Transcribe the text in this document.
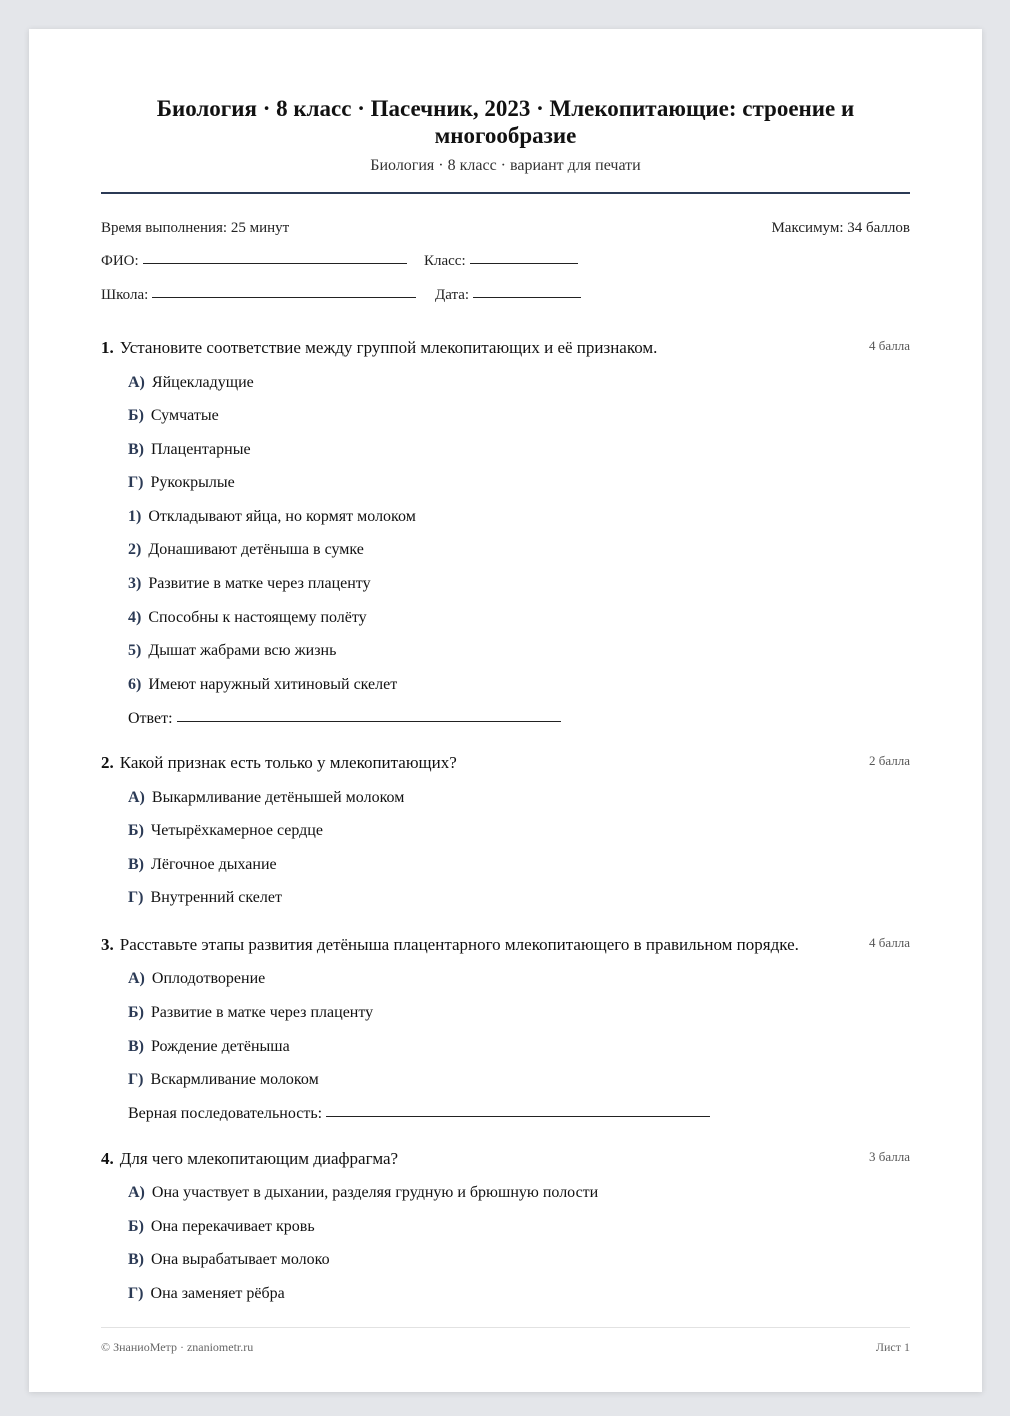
Биология · 8 класс · Пасечник, 2023 · Млекопитающие: строение и многообразие
Биология · 8 класс · вариант для печати
Время выполнения: 25 минут	Максимум: 34 баллов
ФИО:	Класс:
Школа:	Дата:
1. Установите соответствие между группой млекопитающих и её признаком.	4 балла
А) Яйцекладущие
Б) Сумчатые
В) Плацентарные
Г) Рукокрылые
1) Откладывают яйца, но кормят молоком
2) Донашивают детёныша в сумке
3) Развитие в матке через плаценту
4) Способны к настоящему полёту
5) Дышат жабрами всю жизнь
6) Имеют наружный хитиновый скелет
Ответ:
2. Какой признак есть только у млекопитающих?	2 балла
А) Выкармливание детёнышей молоком
Б) Четырёхкамерное сердце
В) Лёгочное дыхание
Г) Внутренний скелет
3. Расставьте этапы развития детёныша плацентарного млекопитающего в правильном порядке.	4 балла
А) Оплодотворение
Б) Развитие в матке через плаценту
В) Рождение детёныша
Г) Вскармливание молоком
Верная последовательность:
4. Для чего млекопитающим диафрагма?	3 балла
А) Она участвует в дыхании, разделяя грудную и брюшную полости
Б) Она перекачивает кровь
В) Она вырабатывает молоко
Г) Она заменяет рёбра
© ЗнаниоМетр · znaniometr.ru	Лист 1
